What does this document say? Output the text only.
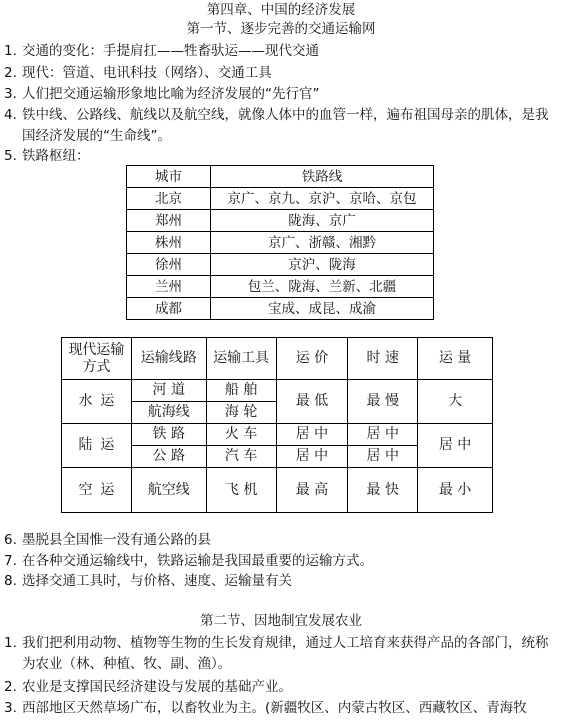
第四章、中国的经济发展
第一节、逐步完善的交通运输网
1. 交通的变化：手提肩扛——牲畜驮运——现代交通
2. 现代：管道、电讯科技（网络）、交通工具
3. 人们把交通运输形象地比喻为经济发展的“先行官”
4. 铁中线、公路线、航线以及航空线，就像人体中的血管一样，遍布祖国母亲的肌体，是我国经济发展的“生命线”。
5. 铁路枢纽：
城市	铁路线
北京	京广、京九、京沪、京哈、京包
郑州	陇海、京广
株州	京广、浙赣、湘黔
徐州	京沪、陇海
兰州	包兰、陇海、兰新、北疆
成都	宝成、成昆、成渝
现代运输方式	运输线路	运输工具	运 价	时 速	运 量
水运	河 道	船 舶	最 低	最 慢	大
	航海线	海 轮			
陆运	铁 路	火 车	居 中	居 中	居 中
	公 路	汽 车	居 中	居 中	
空运	航空线	飞 机	最 高	最 快	最 小
6. 墨脱县全国惟一没有通公路的县
7. 在各种交通运输线中，铁路运输是我国最重要的运输方式。
8. 选择交通工具时，与价格、速度、运输量有关
第二节、因地制宜发展农业
1. 我们把利用动物、植物等生物的生长发育规律，通过人工培育来获得产品的各部门，统称为农业（林、种植、牧、副、渔）。
2. 农业是支撑国民经济建设与发展的基础产业。
3. 西部地区天然草场广布，以畜牧业为主。(新疆牧区、内蒙古牧区、西藏牧区、青海牧
